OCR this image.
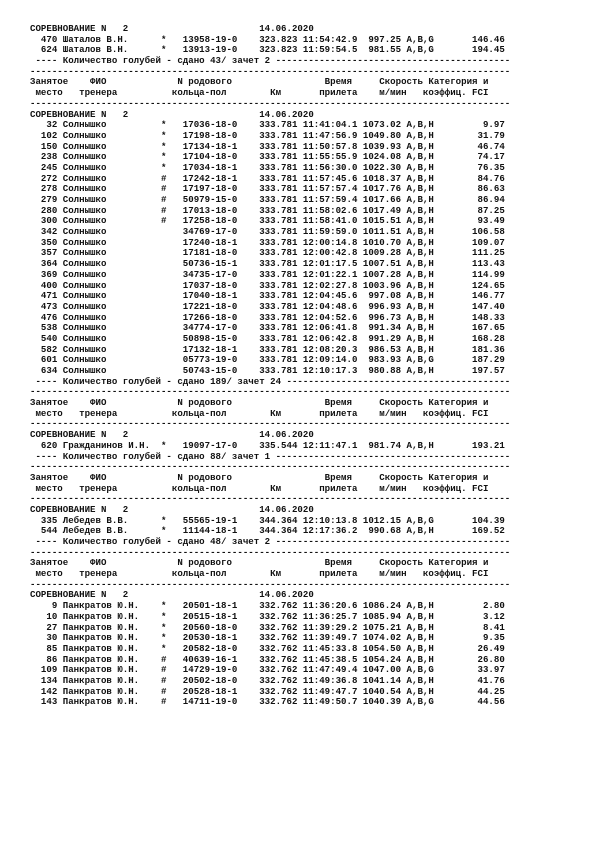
СОРЕВНОВАНИЕ N   2                        14.06.2020
470 Шаталов В.Н.      *   13958-19-0    323.823 11:54:42.9  997.25 A,B,G       146.46
624 Шаталов В.Н.      *   13913-19-0    323.823 11:59:54.5  981.55 A,B,G       194.45
---- Количество голубей - сдано 43/ зачет 2 -------------------------------------------
----------------------------------------------------------------------------------------
Занятое    ФИО             N родового                 Время     Скорость Категория и
место   тренера          кольца-пол        Км       прилета    м/мин   коэффиц. FCI
----------------------------------------------------------------------------------------
СОРЕВНОВАНИЕ N   2                        14.06.2020
32 Солнышко          *   17036-18-0    333.781 11:41:04.1 1073.02 A,B,H         9.97
102 Солнышко          *   17198-18-0    333.781 11:47:56.9 1049.80 A,B,H        31.79
150 Солнышко          *   17134-18-1    333.781 11:50:57.8 1039.93 A,B,H        46.74
238 Солнышко          *   17104-18-0    333.781 11:55:55.9 1024.08 A,B,H        74.17
245 Солнышко          *   17034-18-1    333.781 11:56:30.0 1022.30 A,B,H        76.35
272 Солнышко          #   17242-18-1    333.781 11:57:45.6 1018.37 A,B,H        84.76
278 Солнышко          #   17197-18-0    333.781 11:57:57.4 1017.76 A,B,H        86.63
279 Солнышко          #   50979-15-0    333.781 11:57:59.4 1017.66 A,B,H        86.94
280 Солнышко          #   17013-18-0    333.781 11:58:02.6 1017.49 A,B,H        87.25
300 Солнышко          #   17258-18-0    333.781 11:58:41.0 1015.51 A,B,H        93.49
342 Солнышко              34769-17-0    333.781 11:59:59.0 1011.51 A,B,H       106.58
350 Солнышко              17240-18-1    333.781 12:00:14.8 1010.70 A,B,H       109.07
357 Солнышко              17181-18-0    333.781 12:00:42.8 1009.28 A,B,H       111.25
364 Солнышко              50736-15-1    333.781 12:01:17.5 1007.51 A,B,H       113.43
369 Солнышко              34735-17-0    333.781 12:01:22.1 1007.28 A,B,H       114.99
400 Солнышко              17037-18-0    333.781 12:02:27.8 1003.96 A,B,H       124.65
471 Солнышко              17040-18-1    333.781 12:04:45.6  997.08 A,B,H       146.77
473 Солнышко              17221-18-0    333.781 12:04:48.6  996.93 A,B,H       147.40
476 Солнышко              17266-18-0    333.781 12:04:52.6  996.73 A,B,H       148.33
538 Солнышко              34774-17-0    333.781 12:06:41.8  991.34 A,B,H       167.65
540 Солнышко              50898-15-0    333.781 12:06:42.8  991.29 A,B,H       168.28
582 Солнышко              17132-18-1    333.781 12:08:20.3  986.53 A,B,H       181.36
601 Солнышко              05773-19-0    333.781 12:09:14.0  983.93 A,B,G       187.29
634 Солнышко              50743-15-0    333.781 12:10:17.3  980.88 A,B,H       197.57
---- Количество голубей - сдано 189/ зачет 24 -----------------------------------------
----------------------------------------------------------------------------------------
Занятое    ФИО             N родового                 Время     Скорость Категория и
место   тренера          кольца-пол        Км       прилета    м/мин   коэффиц. FCI
----------------------------------------------------------------------------------------
СОРЕВНОВАНИЕ N   2                        14.06.2020
620 Гражданинов И.Н.  *   19097-17-0    335.544 12:11:47.1  981.74 A,B,H       193.21
---- Количество голубей - сдано 88/ зачет 1 -------------------------------------------
----------------------------------------------------------------------------------------
Занятое    ФИО             N родового                 Время     Скорость Категория и
место   тренера          кольца-пол        Км       прилета    м/мин   коэффиц. FCI
----------------------------------------------------------------------------------------
СОРЕВНОВАНИЕ N   2                        14.06.2020
335 Лебедев В.В.      *   55565-19-1    344.364 12:10:13.8 1012.15 A,B,G       104.39
544 Лебедев В.В.      *   11144-18-1    344.364 12:17:36.2  990.68 A,B,H       169.52
---- Количество голубей - сдано 48/ зачет 2 -------------------------------------------
----------------------------------------------------------------------------------------
Занятое    ФИО             N родового                 Время     Скорость Категория и
место   тренера          кольца-пол        Км       прилета    м/мин   коэффиц. FCI
----------------------------------------------------------------------------------------
СОРЕВНОВАНИЕ N   2                        14.06.2020
9 Панкратов Ю.Н.    *   20501-18-1    332.762 11:36:20.6 1086.24 A,B,H         2.80
10 Панкратов Ю.Н.    *   20515-18-1    332.762 11:36:25.7 1085.94 A,B,H         3.12
27 Панкратов Ю.Н.    *   20560-18-0    332.762 11:39:29.2 1075.21 A,B,H         8.41
30 Панкратов Ю.Н.    *   20530-18-1    332.762 11:39:49.7 1074.02 A,B,H         9.35
85 Панкратов Ю.Н.    *   20582-18-0    332.762 11:45:33.8 1054.50 A,B,H        26.49
86 Панкратов Ю.Н.    #   40639-16-1    332.762 11:45:38.5 1054.24 A,B,H        26.80
109 Панкратов Ю.Н.    #   14729-19-0    332.762 11:47:49.4 1047.00 A,B,G        33.97
134 Панкратов Ю.Н.    #   20502-18-0    332.762 11:49:36.8 1041.14 A,B,H        41.76
142 Панкратов Ю.Н.    #   20528-18-1    332.762 11:49:47.7 1040.54 A,B,H        44.25
143 Панкратов Ю.Н.    #   14711-19-0    332.762 11:49:50.7 1040.39 A,B,G        44.56
